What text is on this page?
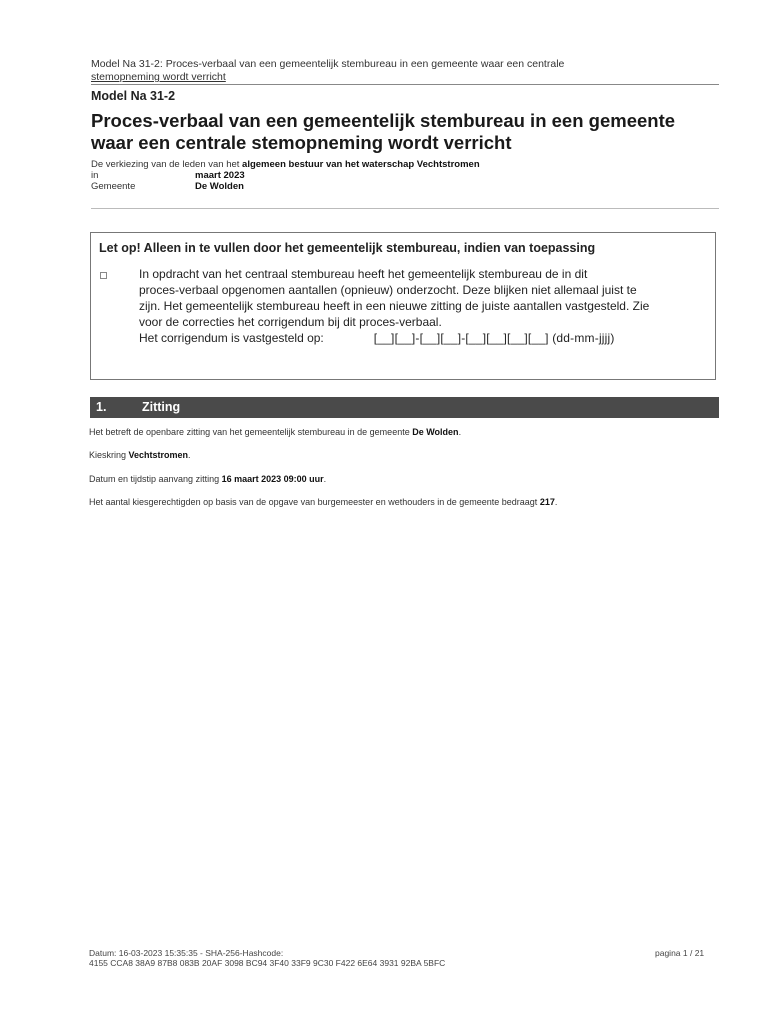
Model Na 31-2: Proces-verbaal van een gemeentelijk stembureau in een gemeente waar een centrale
stemopneming wordt verricht
Model Na 31-2
Proces-verbaal van een gemeentelijk stembureau in een gemeente
waar een centrale stemopneming wordt verricht
De verkiezing van de leden van het algemeen bestuur van het waterschap Vechtstromen
in	maart 2023
Gemeente	De Wolden
Let op! Alleen in te vullen door het gemeentelijk stembureau, indien van toepassing
In opdracht van het centraal stembureau heeft het gemeentelijk stembureau de in dit
proces-verbaal opgenomen aantallen (opnieuw) onderzocht. Deze blijken niet allemaal juist te
zijn. Het gemeentelijk stembureau heeft in een nieuwe zitting de juiste aantallen vastgesteld. Zie
voor de correcties het corrigendum bij dit proces-verbaal.
Het corrigendum is vastgesteld op:	[__][__]-[__][__]-[__][__][__][__] (dd-mm-jjjj)
1.	Zitting
Het betreft de openbare zitting van het gemeentelijk stembureau in de gemeente De Wolden.
Kieskring Vechtstromen.
Datum en tijdstip aanvang zitting 16 maart 2023 09:00 uur.
Het aantal kiesgerechtigden op basis van de opgave van burgemeester en wethouders in de gemeente bedraagt 217.
Datum: 16-03-2023 15:35:35 - SHA-256-Hashcode:
4155 CCA8 38A9 87B8 083B 20AF 3098 BC94 3F40 33F9 9C30 F422 6E64 3931 92BA 5BFC
pagina 1 / 21
